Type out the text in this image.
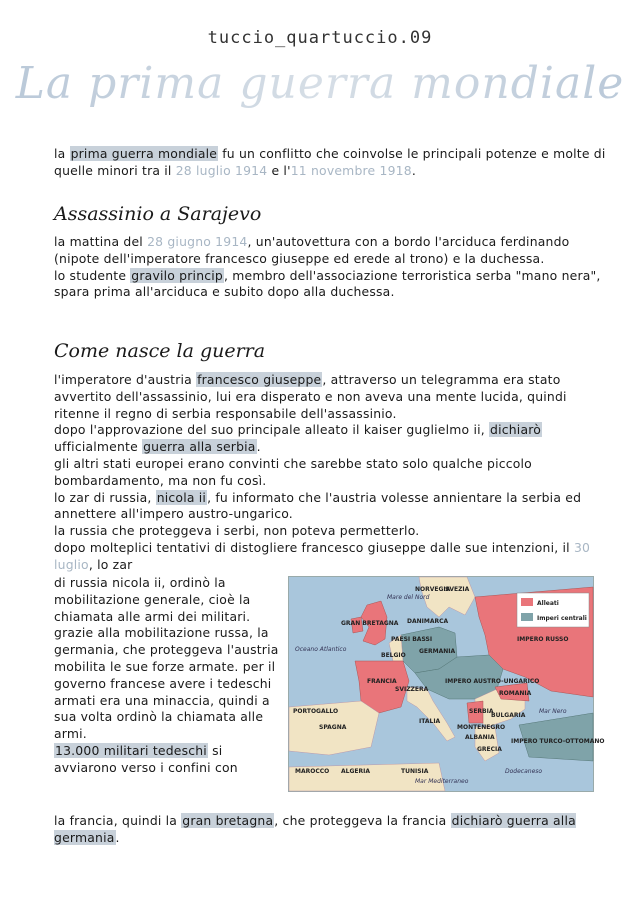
tuccio_quartuccio.09
La prima guerra mondiale

la prima guerra mondiale fu un conflitto che coinvolse le principali potenze e molte di quelle minori tra il 28 luglio 1914 e l'11 novembre 1918.

Assassinio a Sarajevo

la mattina del 28 giugno 1914, un'autovettura con a bordo l'arciduca ferdinando (nipote dell'imperatore francesco giuseppe ed erede al trono) e la duchessa.

lo studente gravilo princip, membro dell'associazione terroristica serba "mano nera", spara prima all'arciduca e subito dopo alla duchessa.

Come nasce la guerra

l'imperatore d'austria francesco giuseppe, attraverso un telegramma era stato avvertito dell'assassinio, lui era disperato e non aveva una mente lucida, quindi ritenne il regno di serbia responsabile dell'assassinio.

dopo l'approvazione del suo principale alleato il kaiser guglielmo ii, dichiarò ufficialmente guerra alla serbia.

gli altri stati europei erano convinti che sarebbe stato solo qualche piccolo bombardamento, ma non fu così.

lo zar di russia, nicola ii, fu informato che l'austria volesse annientare la serbia ed annettere all'impero austro-ungarico.

la russia che proteggeva i serbi, non poteva permetterlo.

dopo molteplici tentativi di distogliere francesco giuseppe dalle sue intenzioni, il 30 luglio, lo zar

di russia nicola ii, ordinò la mobilitazione generale, cioè la chiamata alle armi dei militari.

grazie alla mobilitazione russa, la germania, che proteggeva l'austria mobilita le sue forze armate. per il governo francese avere i tedeschi armati era una minaccia, quindi a sua volta ordinò la chiamata alle armi.

13.000 militari tedeschi si avviarono verso i confini con

la francia, quindi la gran bretagna, che proteggeva la francia dichiarò guerra alla germania.

Alleati
Imperi centrali
NORVEGIA
SVEZIA
GRAN BRETAGNA DANIMARCA
Mare del Nord
PAESI BASSI
BELGIO
GERMANIA
IMPERO RUSSO
Oceano Atlantico
FRANCIA
SVIZZERA
IMPERO AUSTRO-UNGARICO
ROMANIA
Mar Nero
PORTOGALLO
SPAGNA
ITALIA
SERBIA
BULGARIA
MONTENEGRO
ALBANIA
GRECIA
IMPERO TURCO-OTTOMANO
MAROCCO ALGERIA	TUNISIA
Mar Mediterraneo
Dodecaneso
